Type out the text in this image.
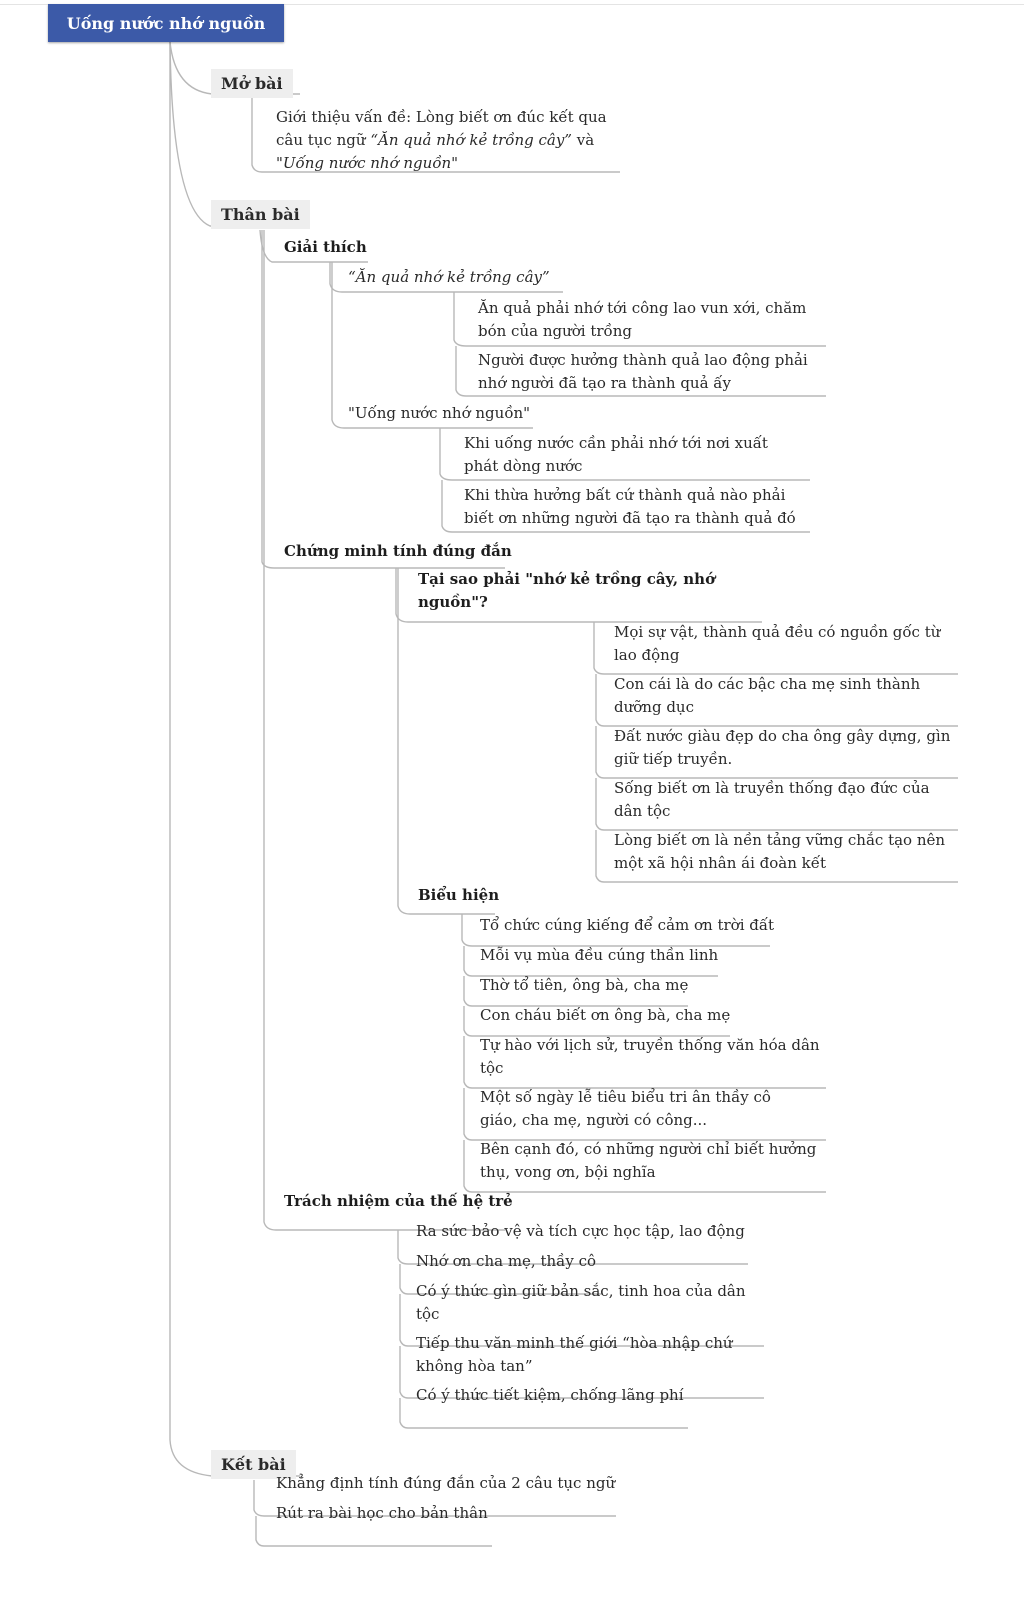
Uống nước nhớ nguồn
Mở bài
Giới thiệu vấn đề: Lòng biết ơn đúc kết qua câu tục ngữ “Ăn quả nhớ kẻ trồng cây” và "Uống nước nhớ nguồn"
Thân bài
Giải thích
“Ăn quả nhớ kẻ trồng cây”
Ăn quả phải nhớ tới công lao vun xới, chăm bón của người trồng
Người được hưởng thành quả lao động phải nhớ người đã tạo ra thành quả ấy
"Uống nước nhớ nguồn"
Khi uống nước cần phải nhớ tới nơi xuất phát dòng nước
Khi thừa hưởng bất cứ thành quả nào phải biết ơn những người đã tạo ra thành quả đó
Chứng minh tính đúng đắn
Tại sao phải "nhớ kẻ trồng cây, nhớ nguồn"?
Mọi sự vật, thành quả đều có nguồn gốc từ lao động
Con cái là do các bậc cha mẹ sinh thành dưỡng dục
Đất nước giàu đẹp do cha ông gây dựng, gìn giữ tiếp truyền.
Sống biết ơn là truyền thống đạo đức của dân tộc
Lòng biết ơn là nền tảng vững chắc tạo nên một xã hội nhân ái đoàn kết
Biểu hiện
Tổ chức cúng kiếng để cảm ơn trời đất
Mỗi vụ mùa đều cúng thần linh
Thờ tổ tiên, ông bà, cha mẹ
Con cháu biết ơn ông bà, cha mẹ
Tự hào với lịch sử, truyền thống văn hóa dân tộc
Một số ngày lễ tiêu biểu tri ân thầy cô giáo, cha mẹ, người có công...
Bên cạnh đó, có những người chỉ biết hưởng thụ, vong ơn, bội nghĩa
Trách nhiệm của thế hệ trẻ
Ra sức bảo vệ và tích cực học tập, lao động
Nhớ ơn cha mẹ, thầy cô
Có ý thức gìn giữ bản sắc, tinh hoa của dân tộc
Tiếp thu văn minh thế giới “hòa nhập chứ không hòa tan”
Có ý thức tiết kiệm, chống lãng phí
Kết bài
Khẳng định tính đúng đắn của 2 câu tục ngữ
Rút ra bài học cho bản thân
